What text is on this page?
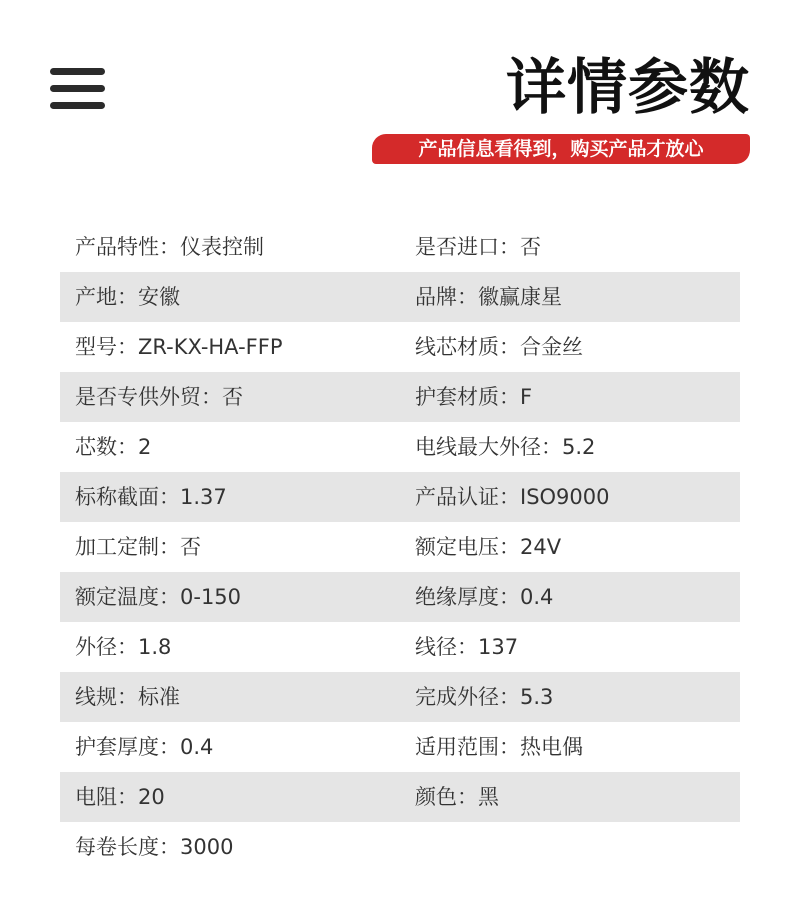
详情参数
产品信息看得到，购买产品才放心
产品特性：仪表控制	是否进口：否
产地：安徽	品牌：徽赢康星
型号：ZR-KX-HA-FFP	线芯材质：合金丝
是否专供外贸：否	护套材质：F
芯数：2	电线最大外径：5.2
标称截面：1.37	产品认证：ISO9000
加工定制：否	额定电压：24V
额定温度：0-150	绝缘厚度：0.4
外径：1.8	线径：137
线规：标准	完成外径：5.3
护套厚度：0.4	适用范围：热电偶
电阻：20	颜色：黑
每卷长度：3000
